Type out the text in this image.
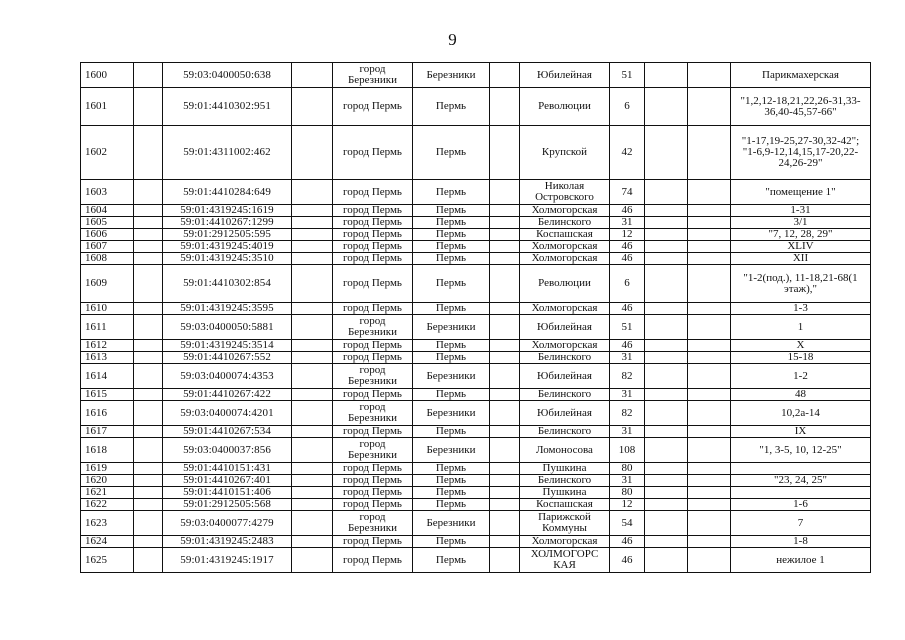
9
1600		59:03:0400050:638		город Березники	Березники		Юбилейная	51			Парикмахерская
1601		59:01:4410302:951		город Пермь	Пермь		Революции	6			"1,2,12-18,21,22,26-31,33-36,40-45,57-66"
1602		59:01:4311002:462		город Пермь	Пермь		Крупской	42			"1-17,19-25,27-30,32-42"; "1-6,9-12,14,15,17-20,22-24,26-29"
1603		59:01:4410284:649		город Пермь	Пермь		Николая Островского	74			"помещение 1"
1604		59:01:4319245:1619		город Пермь	Пермь		Холмогорская	46			1-31
1605		59:01:4410267:1299		город Пермь	Пермь		Белинского	31			3/1
1606		59:01:2912505:595		город Пермь	Пермь		Коспашская	12			"7, 12, 28, 29"
1607		59:01:4319245:4019		город Пермь	Пермь		Холмогорская	46			XLIV
1608		59:01:4319245:3510		город Пермь	Пермь		Холмогорская	46			XII
1609		59:01:4410302:854		город Пермь	Пермь		Революции	6			"1-2(под.), 11-18,21-68(1 этаж),"
1610		59:01:4319245:3595		город Пермь	Пермь		Холмогорская	46			1-3
1611		59:03:0400050:5881		город Березники	Березники		Юбилейная	51			1
1612		59:01:4319245:3514		город Пермь	Пермь		Холмогорская	46			X
1613		59:01:4410267:552		город Пермь	Пермь		Белинского	31			15-18
1614		59:03:0400074:4353		город Березники	Березники		Юбилейная	82			1-2
1615		59:01:4410267:422		город Пермь	Пермь		Белинского	31			48
1616		59:03:0400074:4201		город Березники	Березники		Юбилейная	82			10,2а-14
1617		59:01:4410267:534		город Пермь	Пермь		Белинского	31			IX
1618		59:03:0400037:856		город Березники	Березники		Ломоносова	108			"1, 3-5, 10, 12-25"
1619		59:01:4410151:431		город Пермь	Пермь		Пушкина	80			
1620		59:01:4410267:401		город Пермь	Пермь		Белинского	31			"23, 24, 25"
1621		59:01:4410151:406		город Пермь	Пермь		Пушкина	80			
1622		59:01:2912505:568		город Пермь	Пермь		Коспашская	12			1-6
1623		59:03:0400077:4279		город Березники	Березники		Парижской Коммуны	54			7
1624		59:01:4319245:2483		город Пермь	Пермь		Холмогорская	46			1-8
1625		59:01:4319245:1917		город Пермь	Пермь		ХОЛМОГОРС КАЯ	46			нежилое 1
